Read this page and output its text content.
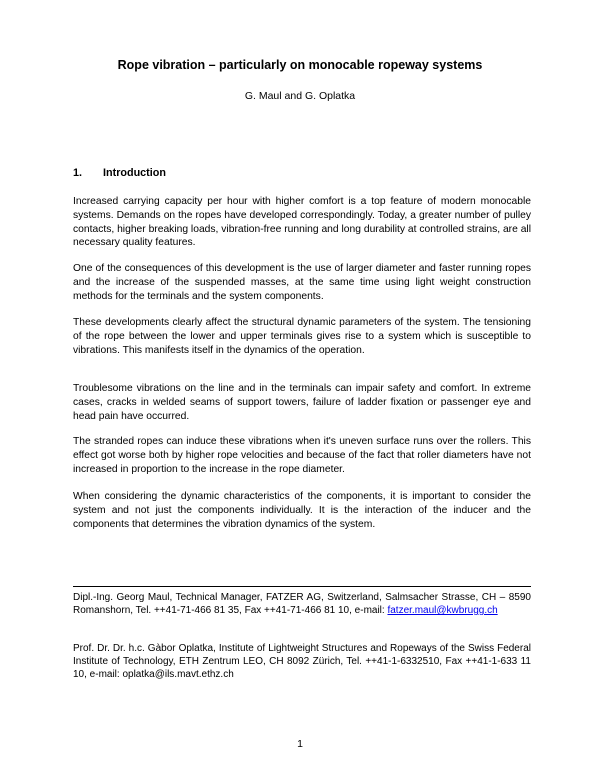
Rope vibration – particularly on monocable ropeway systems
G. Maul and G. Oplatka
1. Introduction

Increased carrying capacity per hour with higher comfort is a top feature of modern monocable systems. Demands on the ropes have developed correspondingly. Today, a greater number of pulley contacts, higher breaking loads, vibration-free running and long durability at controlled strains, are all necessary quality features.

One of the consequences of this development is the use of larger diameter and faster running ropes and the increase of the suspended masses, at the same time using light weight construction methods for the terminals and the system components.

These developments clearly affect the structural dynamic parameters of the system. The tensioning of the rope between the lower and upper terminals gives rise to a system which is susceptible to vibrations. This manifests itself in the dynamics of the operation.

Troublesome vibrations on the line and in the terminals can impair safety and comfort. In extreme cases, cracks in welded seams of support towers, failure of ladder fixation or passenger eye and head pain have occurred.

The stranded ropes can induce these vibrations when it's uneven surface runs over the rollers. This effect got worse both by higher rope velocities and because of the fact that roller diameters have not increased in proportion to the increase in the rope diameter.

When considering the dynamic characteristics of the components, it is important to consider the system and not just the components individually. It is the interaction of the inducer and the components that determines the vibration dynamics of the system.

Dipl.-Ing. Georg Maul, Technical Manager, FATZER AG, Switzerland, Salmsacher Strasse, CH – 8590 Romanshorn, Tel. ++41-71-466 81 35, Fax ++41-71-466 81 10, e-mail: fatzer.maul@kwbrugg.ch

Prof. Dr. Dr. h.c. Gàbor Oplatka, Institute of Lightweight Structures and Ropeways of the Swiss Federal Institute of Technology, ETH Zentrum LEO, CH 8092 Zürich, Tel. ++41-1-6332510, Fax ++41-1-633 11 10, e-mail: oplatka@ils.mavt.ethz.ch

1
